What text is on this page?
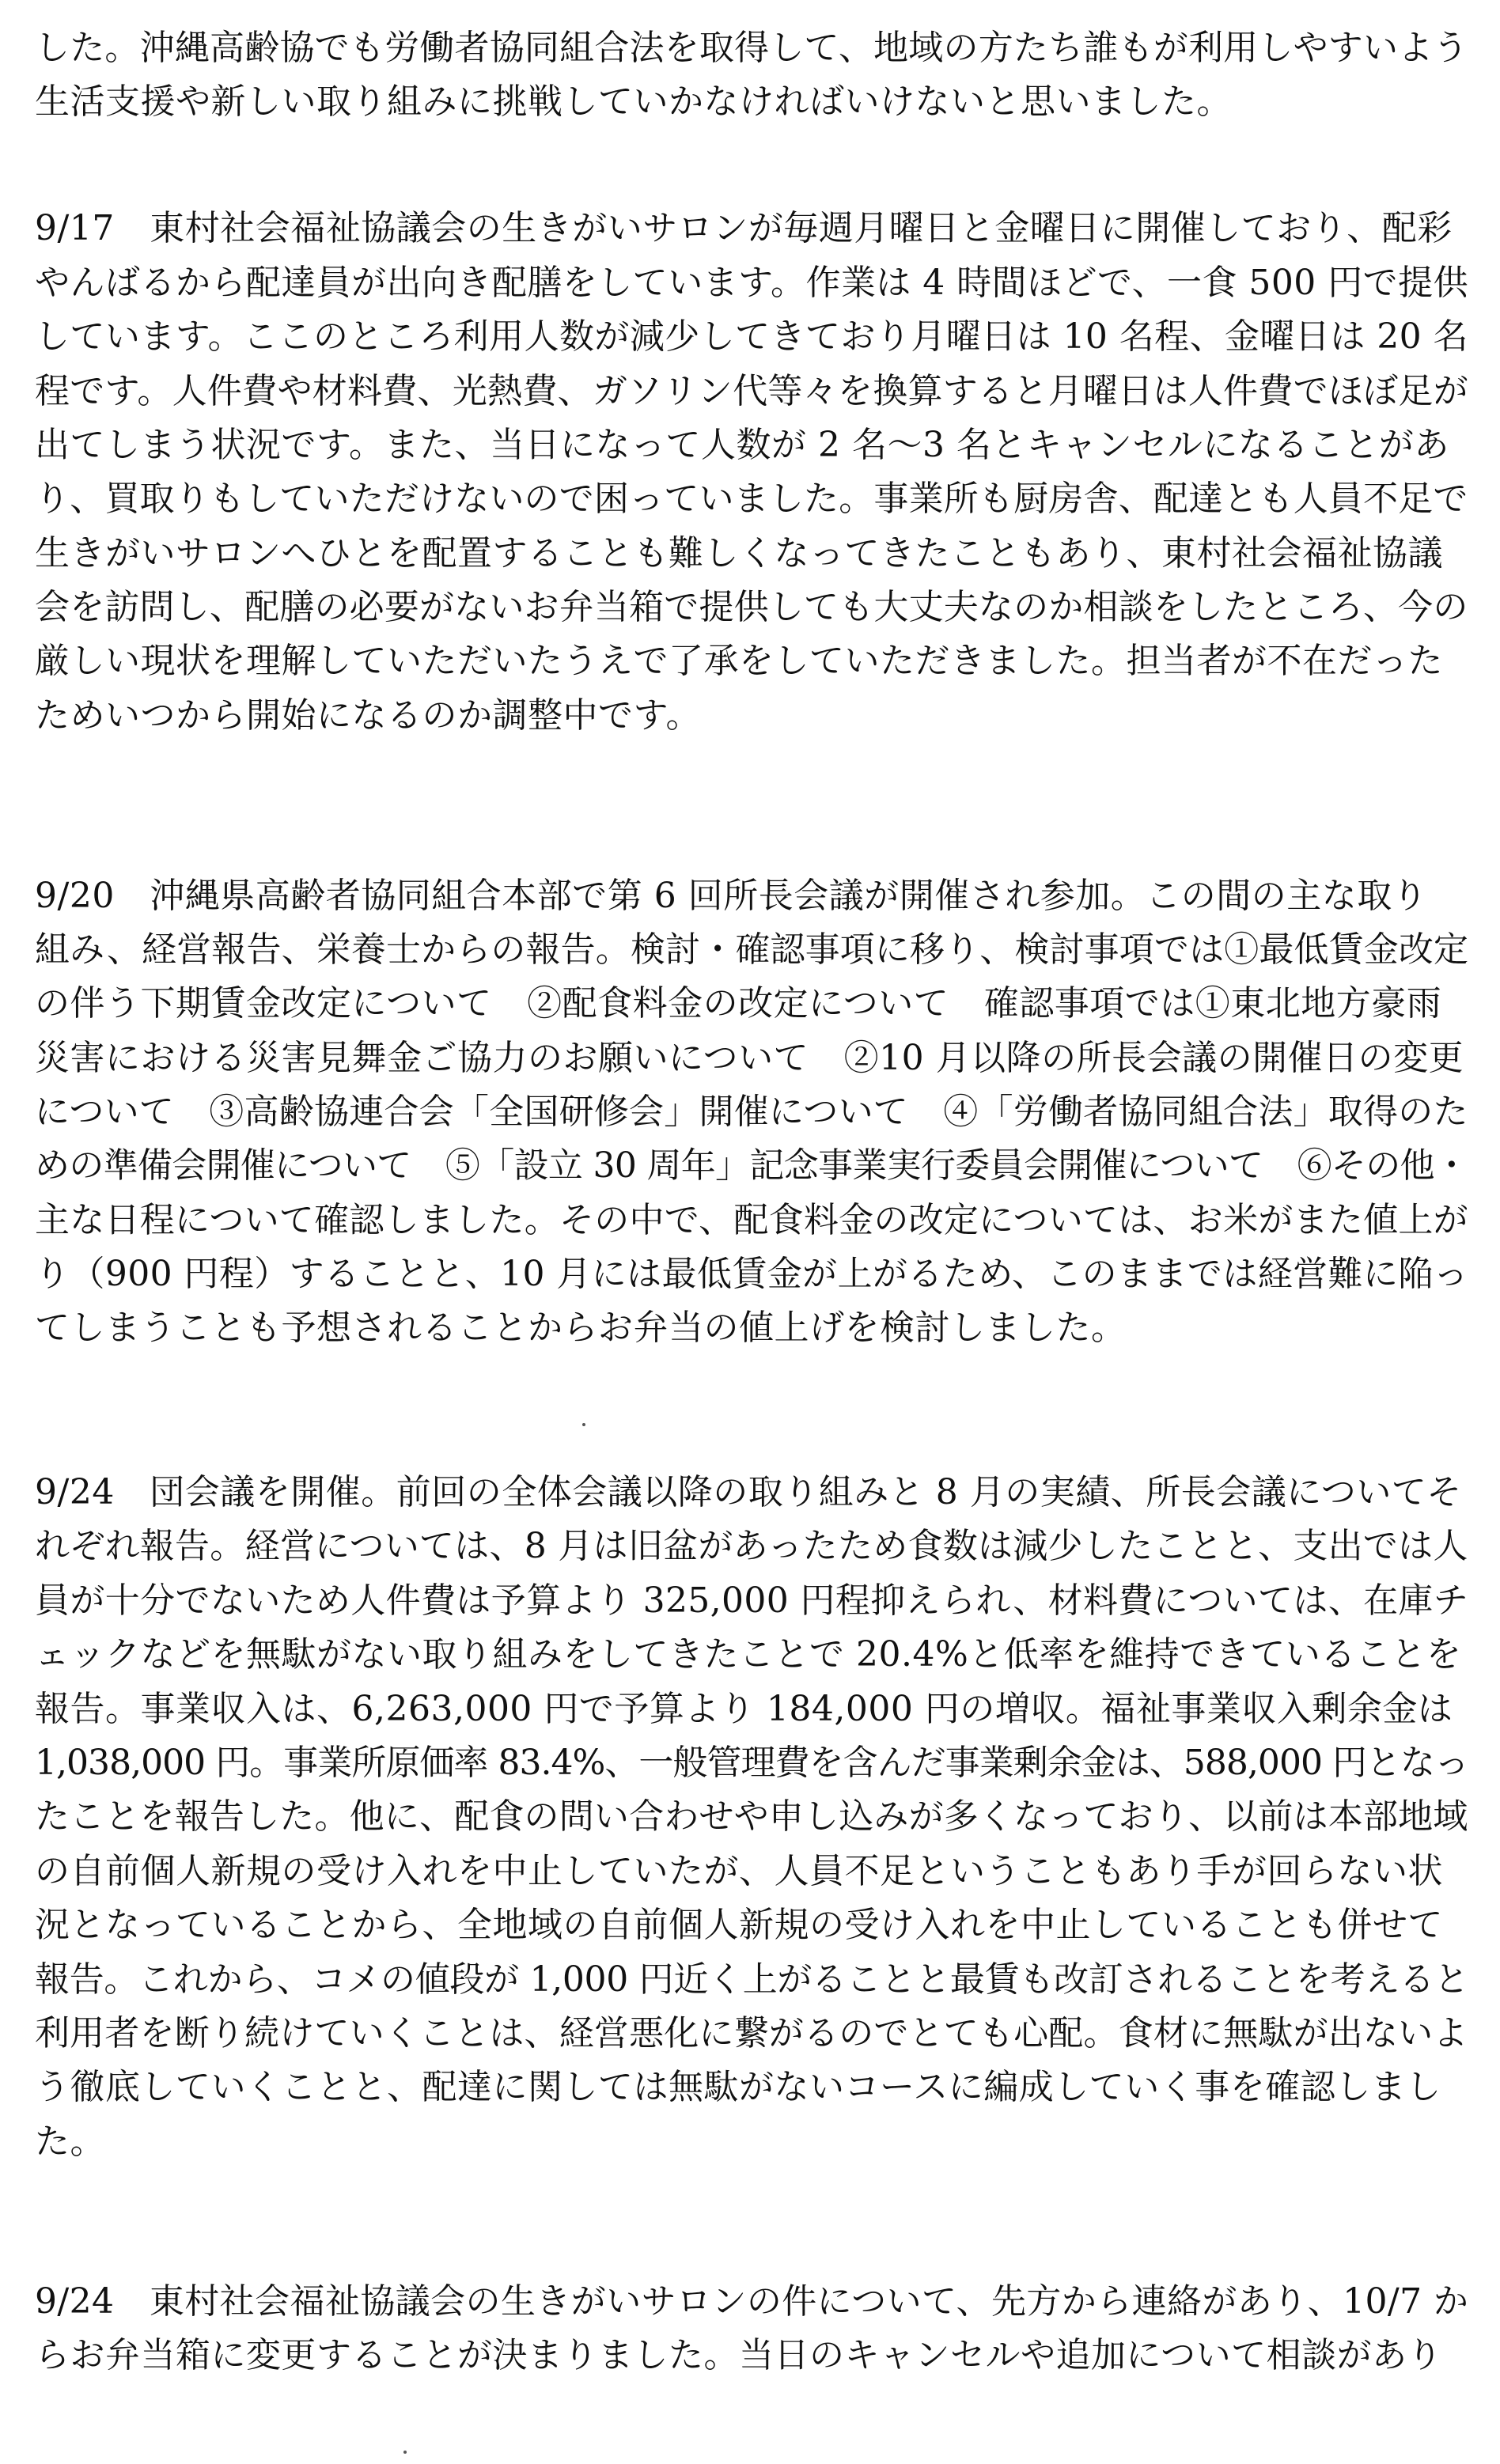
した。沖縄高齢協でも労働者協同組合法を取得して、地域の方たち誰もが利用しやすいよう
生活支援や新しい取り組みに挑戦していかなければいけないと思いました。
9/17　東村社会福祉協議会の生きがいサロンが毎週月曜日と金曜日に開催しており、配彩
やんばるから配達員が出向き配膳をしています。作業は 4 時間ほどで、一食 500 円で提供
しています。ここのところ利用人数が減少してきており月曜日は 10 名程、金曜日は 20 名
程です。人件費や材料費、光熱費、ガソリン代等々を換算すると月曜日は人件費でほぼ足が
出てしまう状況です。また、当日になって人数が 2 名～3 名とキャンセルになることがあ
り、買取りもしていただけないので困っていました。事業所も厨房舎、配達とも人員不足で
生きがいサロンへひとを配置することも難しくなってきたこともあり、東村社会福祉協議
会を訪問し、配膳の必要がないお弁当箱で提供しても大丈夫なのか相談をしたところ、今の
厳しい現状を理解していただいたうえで了承をしていただきました。担当者が不在だった
ためいつから開始になるのか調整中です。
9/20　沖縄県高齢者協同組合本部で第 6 回所長会議が開催され参加。この間の主な取り
組み、経営報告、栄養士からの報告。検討・確認事項に移り、検討事項では①最低賃金改定
の伴う下期賃金改定について　②配食料金の改定について　確認事項では①東北地方豪雨
災害における災害見舞金ご協力のお願いについて　②10 月以降の所長会議の開催日の変更
について　③高齢協連合会「全国研修会」開催について　④「労働者協同組合法」取得のた
めの準備会開催について　⑤「設立 30 周年」記念事業実行委員会開催について　⑥その他・
主な日程について確認しました。その中で、配食料金の改定については、お米がまた値上が
り（900 円程）することと、10 月には最低賃金が上がるため、このままでは経営難に陥っ
てしまうことも予想されることからお弁当の値上げを検討しました。
9/24　団会議を開催。前回の全体会議以降の取り組みと 8 月の実績、所長会議についてそ
れぞれ報告。経営については、8 月は旧盆があったため食数は減少したことと、支出では人
員が十分でないため人件費は予算より 325,000 円程抑えられ、材料費については、在庫チ
ェックなどを無駄がない取り組みをしてきたことで 20.4%と低率を維持できていることを
報告。事業収入は、6,263,000 円で予算より 184,000 円の増収。福祉事業収入剰余金は
1,038,000 円。事業所原価率 83.4%、一般管理費を含んだ事業剰余金は、588,000 円となっ
たことを報告した。他に、配食の問い合わせや申し込みが多くなっており、以前は本部地域
の自前個人新規の受け入れを中止していたが、人員不足ということもあり手が回らない状
況となっていることから、全地域の自前個人新規の受け入れを中止していることも併せて
報告。これから、コメの値段が 1,000 円近く上がることと最賃も改訂されることを考えると
利用者を断り続けていくことは、経営悪化に繋がるのでとても心配。食材に無駄が出ないよ
う徹底していくことと、配達に関しては無駄がないコースに編成していく事を確認しまし
た。
9/24　東村社会福祉協議会の生きがいサロンの件について、先方から連絡があり、10/7 か
らお弁当箱に変更することが決まりました。当日のキャンセルや追加について相談があり
